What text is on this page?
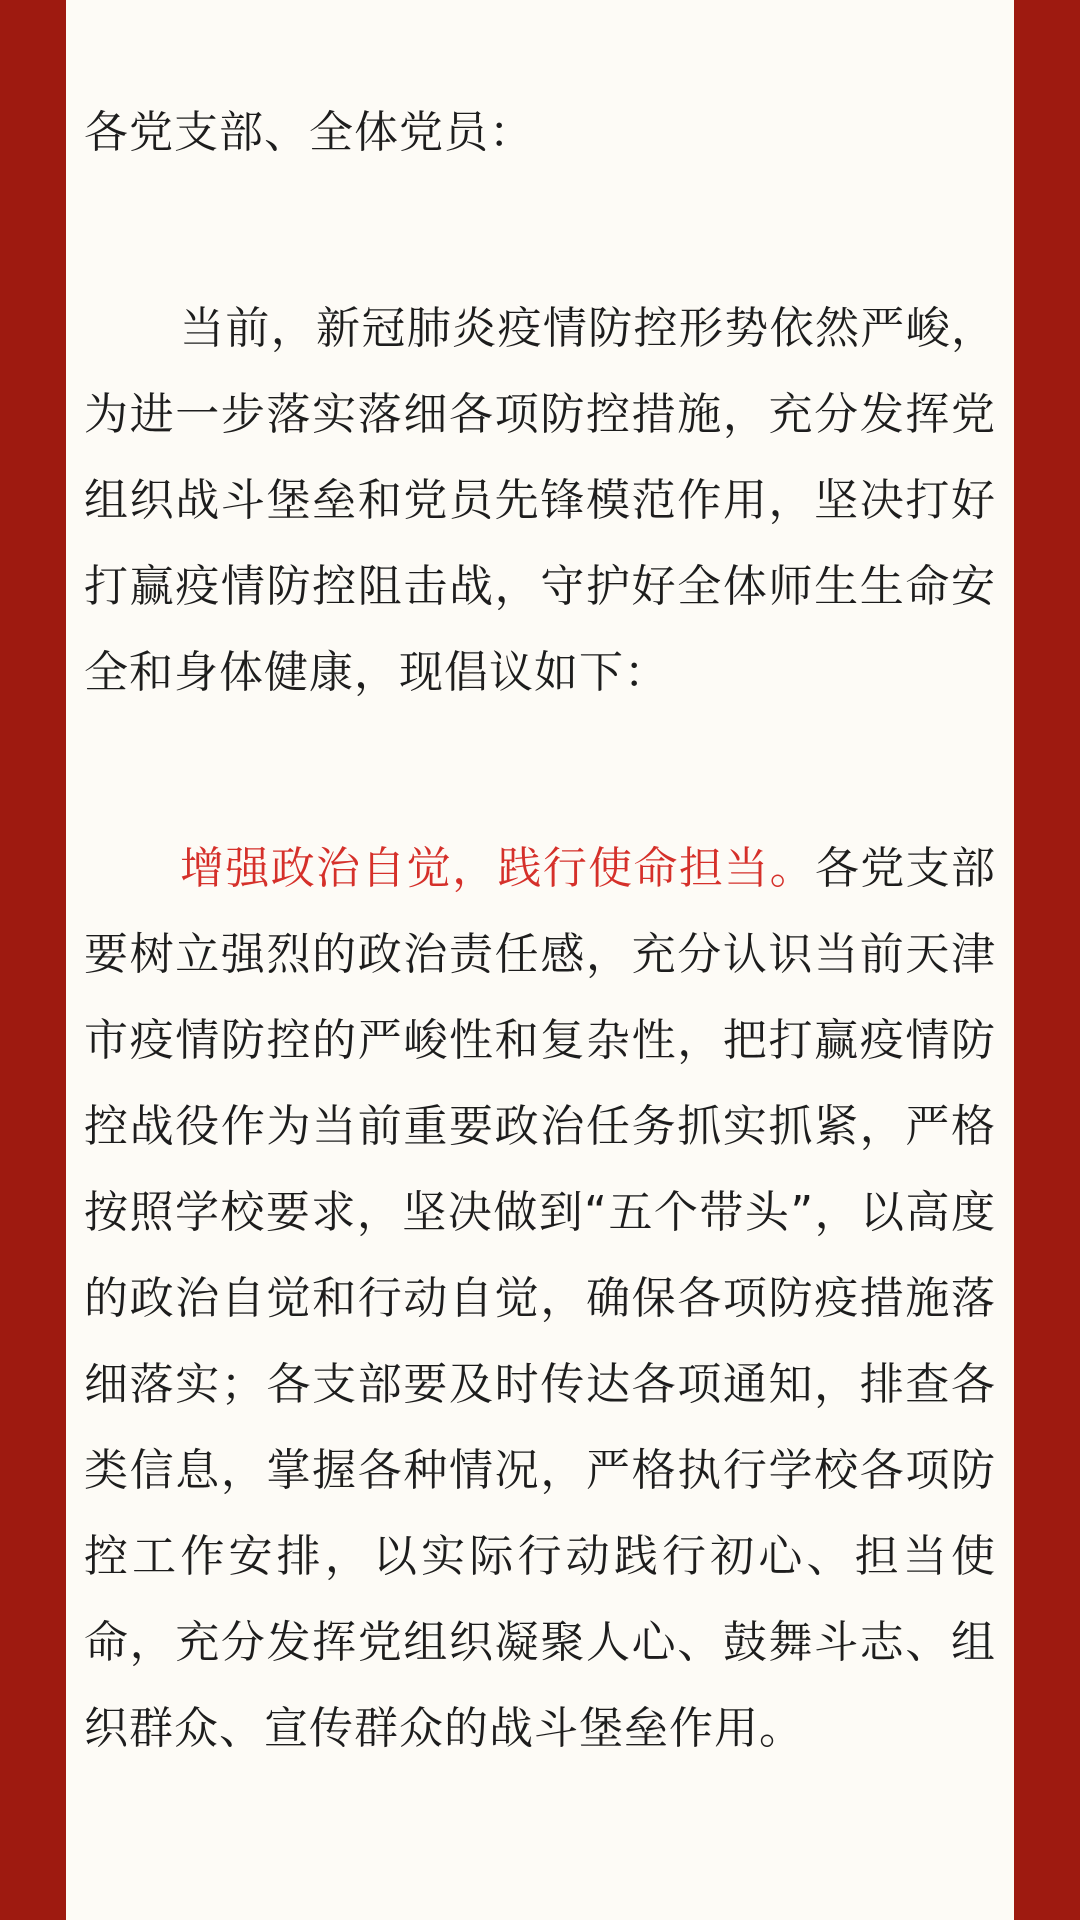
各党支部、全体党员：

当前，新冠肺炎疫情防控形势依然严峻，为进一步落实落细各项防控措施，充分发挥党组织战斗堡垒和党员先锋模范作用，坚决打好打赢疫情防控阻击战，守护好全体师生生命安全和身体健康，现倡议如下：

增强政治自觉，践行使命担当。各党支部要树立强烈的政治责任感，充分认识当前天津市疫情防控的严峻性和复杂性，把打赢疫情防控战役作为当前重要政治任务抓实抓紧，严格按照学校要求，坚决做到“五个带头”，以高度的政治自觉和行动自觉，确保各项防疫措施落细落实；各支部要及时传达各项通知，排查各类信息，掌握各种情况，严格执行学校各项防控工作安排，以实际行动践行初心、担当使命，充分发挥党组织凝聚人心、鼓舞斗志、组织群众、宣传群众的战斗堡垒作用。
